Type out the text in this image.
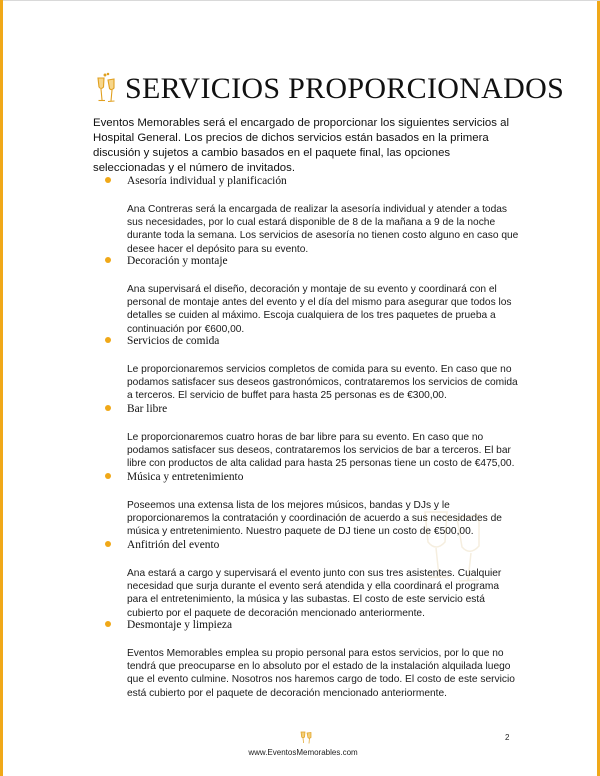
SERVICIOS PROPORCIONADOS

Eventos Memorables será el encargado de proporcionar los siguientes servicios al Hospital General. Los precios de dichos servicios están basados en la primera discusión y sujetos a cambio basados en el paquete final, las opciones seleccionadas y el número de invitados.

Asesoría individual y planificación

Ana Contreras será la encargada de realizar la asesoría individual y atender a todas sus necesidades, por lo cual estará disponible de 8 de la mañana a 9 de la noche durante toda la semana. Los servicios de asesoría no tienen costo alguno en caso que desee hacer el depósito para su evento.

Decoración y montaje

Ana supervisará el diseño, decoración y montaje de su evento y coordinará con el personal de montaje antes del evento y el día del mismo para asegurar que todos los detalles se cuiden al máximo. Escoja cualquiera de los tres paquetes de prueba a continuación por €600,00.

Servicios de comida

Le proporcionaremos servicios completos de comida para su evento. En caso que no podamos satisfacer sus deseos gastronómicos, contrataremos los servicios de comida a terceros. El servicio de buffet para hasta 25 personas es de €300,00.

Bar libre

Le proporcionaremos cuatro horas de bar libre para su evento. En caso que no podamos satisfacer sus deseos, contrataremos los servicios de bar a terceros. El bar libre con productos de alta calidad para hasta 25 personas tiene un costo de €475,00.

Música y entretenimiento

Poseemos una extensa lista de los mejores músicos, bandas y DJs y le proporcionaremos la contratación y coordinación de acuerdo a sus necesidades de música y entretenimiento. Nuestro paquete de DJ tiene un costo de €500,00.

Anfitrión del evento

Ana estará a cargo y supervisará el evento junto con sus tres asistentes. Cualquier necesidad que surja durante el evento será atendida y ella coordinará el programa para el entretenimiento, la música y las subastas. El costo de este servicio está cubierto por el paquete de decoración mencionado anteriormente.

Desmontaje y limpieza

Eventos Memorables emplea su propio personal para estos servicios, por lo que no tendrá que preocuparse en lo absoluto por el estado de la instalación alquilada luego que el evento culmine. Nosotros nos haremos cargo de todo. El costo de este servicio está cubierto por el paquete de decoración mencionado anteriormente.

www.EventosMemorables.com
2
